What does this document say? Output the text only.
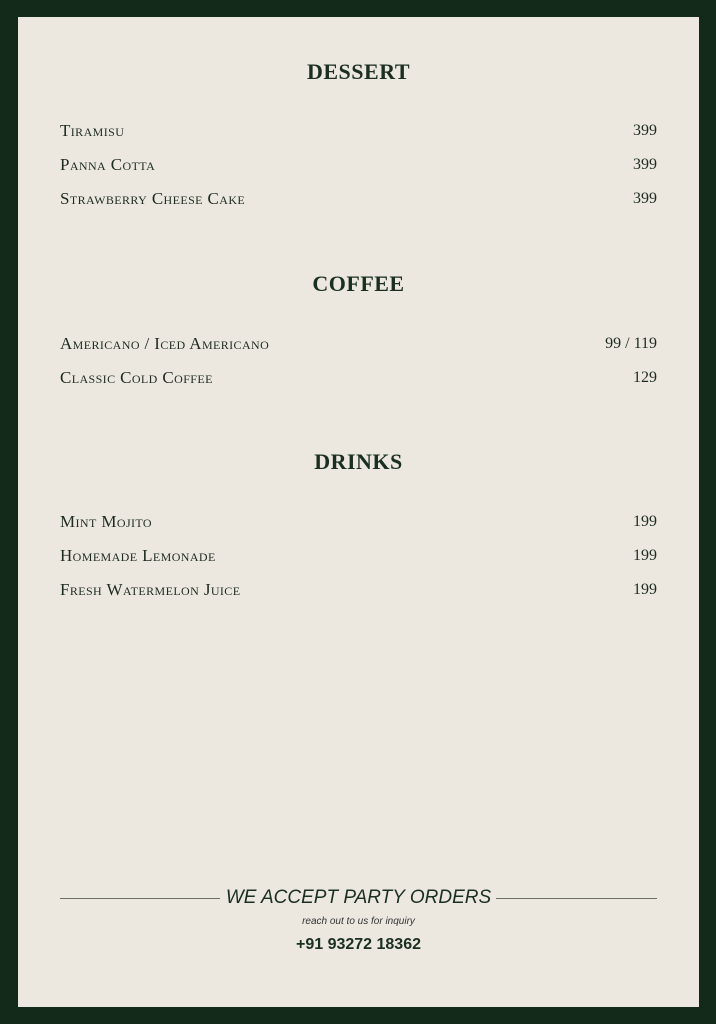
DESSERT
Tiramisu	399
Panna Cotta	399
Strawberry Cheese Cake	399
COFFEE
Americano / Iced Americano	99 / 119
Classic Cold Coffee	129
DRINKS
Mint Mojito	199
Homemade Lemonade	199
Fresh Watermelon Juice	199
WE ACCEPT PARTY ORDERS
reach out to us for inquiry
+91 93272 18362
